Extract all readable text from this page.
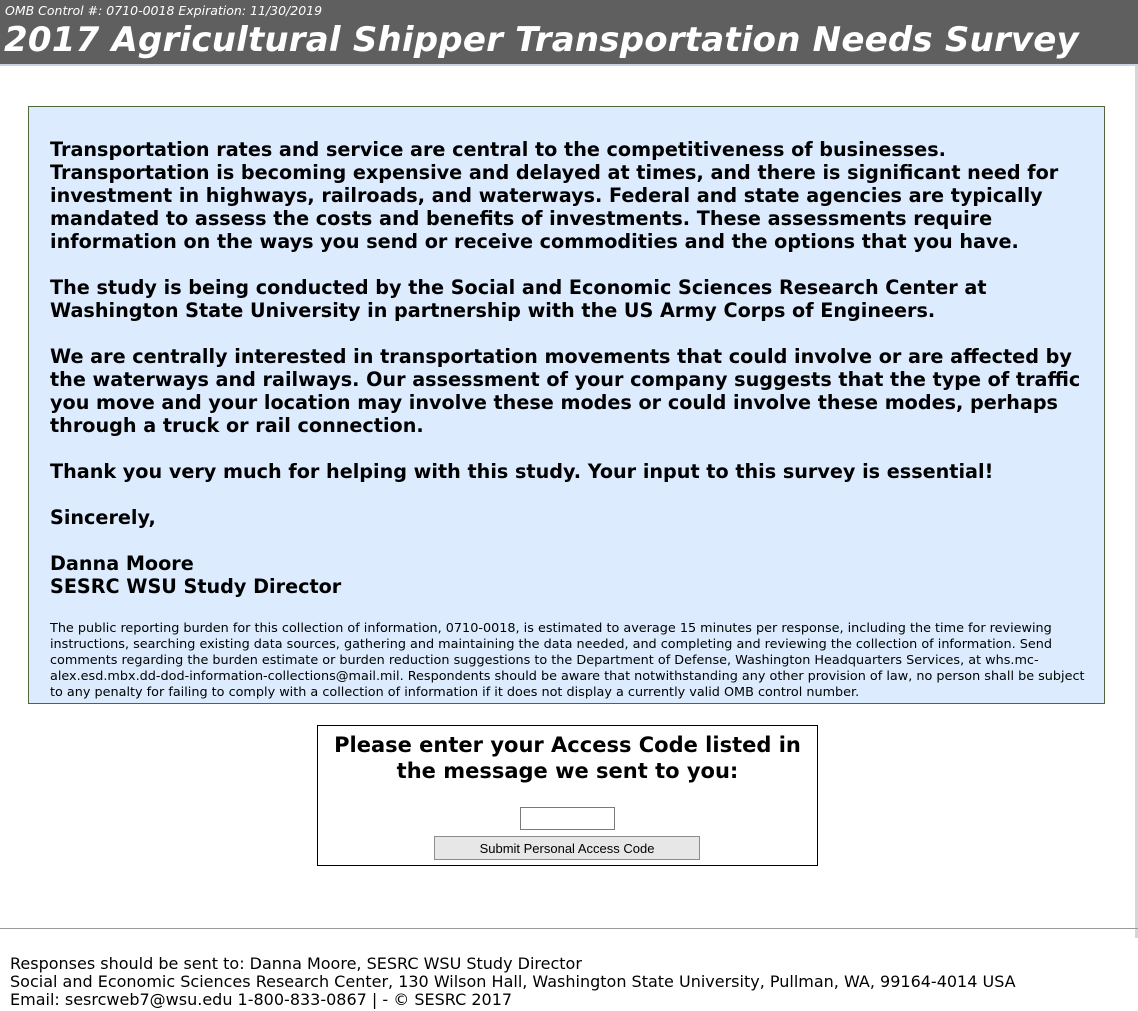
OMB Control #: 0710-0018 Expiration: 11/30/2019
2017 Agricultural Shipper Transportation Needs Survey

Transportation rates and service are central to the competitiveness of businesses. Transportation is becoming expensive and delayed at times, and there is significant need for investment in highways, railroads, and waterways. Federal and state agencies are typically mandated to assess the costs and benefits of investments. These assessments require information on the ways you send or receive commodities and the options that you have.

The study is being conducted by the Social and Economic Sciences Research Center at Washington State University in partnership with the US Army Corps of Engineers.

We are centrally interested in transportation movements that could involve or are affected by the waterways and railways. Our assessment of your company suggests that the type of traffic you move and your location may involve these modes or could involve these modes, perhaps through a truck or rail connection.

Thank you very much for helping with this study. Your input to this survey is essential!

Sincerely,

Danna Moore
SESRC WSU Study Director

The public reporting burden for this collection of information, 0710-0018, is estimated to average 15 minutes per response, including the time for reviewing instructions, searching existing data sources, gathering and maintaining the data needed, and completing and reviewing the collection of information. Send comments regarding the burden estimate or burden reduction suggestions to the Department of Defense, Washington Headquarters Services, at whs.mc-alex.esd.mbx.dd-dod-information-collections@mail.mil. Respondents should be aware that notwithstanding any other provision of law, no person shall be subject to any penalty for failing to comply with a collection of information if it does not display a currently valid OMB control number.
Please enter your Access Code listed in
the message we sent to you:
Submit Personal Access Code
Responses should be sent to: Danna Moore, SESRC WSU Study Director
Social and Economic Sciences Research Center, 130 Wilson Hall, Washington State University, Pullman, WA, 99164-4014 USA
Email: sesrcweb7@wsu.edu 1-800-833-0867 | - © SESRC 2017
